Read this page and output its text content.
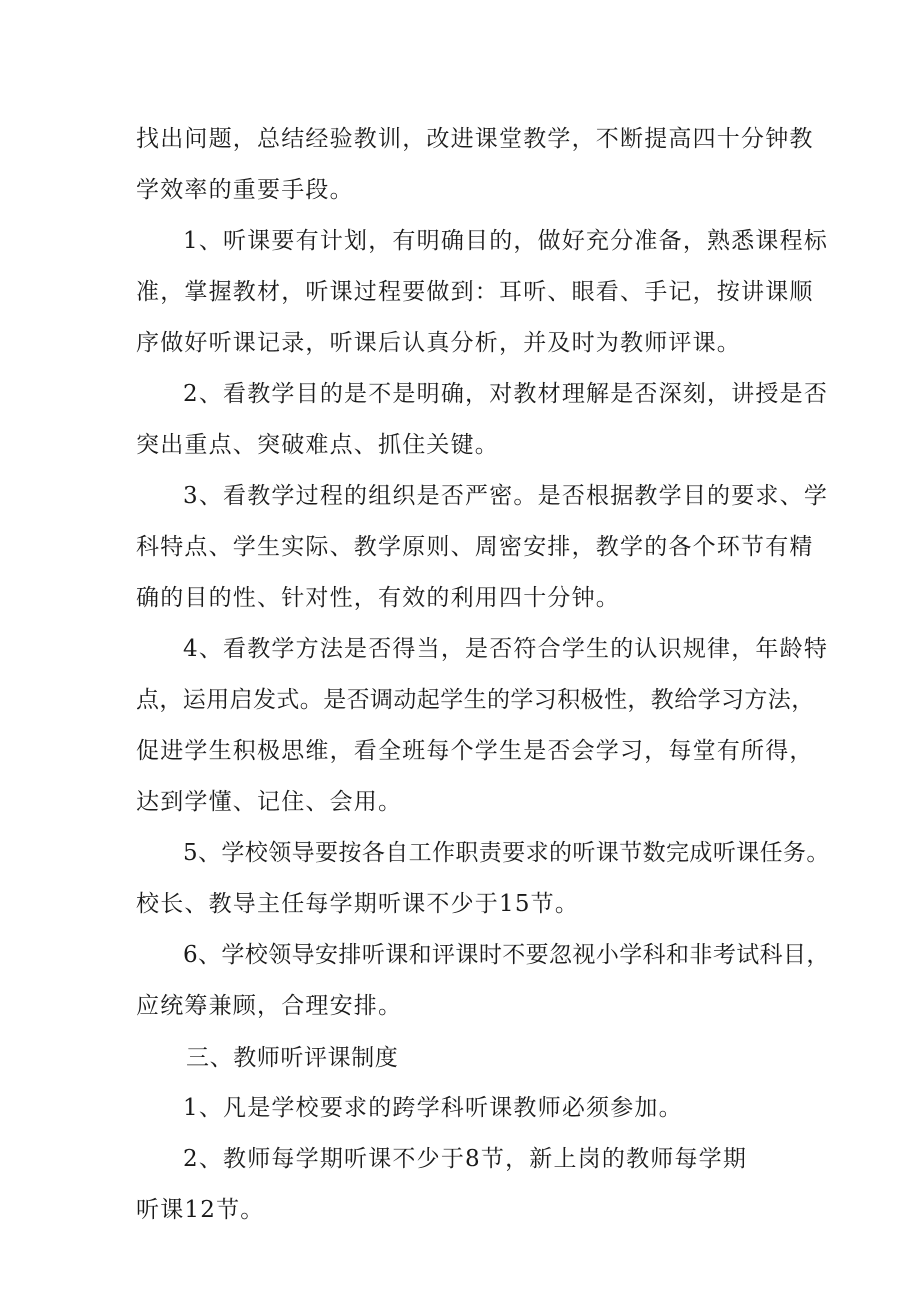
找出问题，总结经验教训，改进课堂教学，不断提高四十分钟教
学效率的重要手段。
1、听课要有计划，有明确目的，做好充分准备，熟悉课程标
准，掌握教材，听课过程要做到：耳听、眼看、手记，按讲课顺
序做好听课记录，听课后认真分析，并及时为教师评课。
2、看教学目的是不是明确，对教材理解是否深刻，讲授是否
突出重点、突破难点、抓住关键。
3、看教学过程的组织是否严密。是否根据教学目的要求、学
科特点、学生实际、教学原则、周密安排，教学的各个环节有精
确的目的性、针对性，有效的利用四十分钟。
4、看教学方法是否得当，是否符合学生的认识规律，年龄特
点，运用启发式。是否调动起学生的学习积极性，教给学习方法，
促进学生积极思维，看全班每个学生是否会学习，每堂有所得，
达到学懂、记住、会用。
5、学校领导要按各自工作职责要求的听课节数完成听课任务。
校长、教导主任每学期听课不少于15节。
6、学校领导安排听课和评课时不要忽视小学科和非考试科目，
应统筹兼顾，合理安排。
三、教师听评课制度
1、凡是学校要求的跨学科听课教师必须参加。
2、教师每学期听课不少于8节，新上岗的教师每学期
听课12节。
